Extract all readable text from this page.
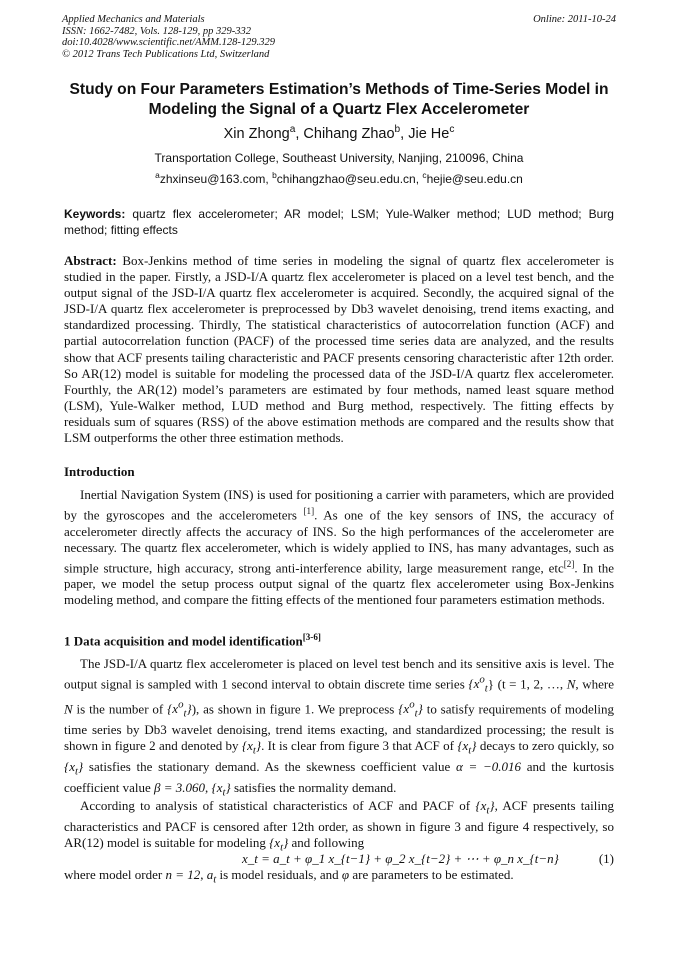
Applied Mechanics and Materials
ISSN: 1662-7482, Vols. 128-129, pp 329-332
doi:10.4028/www.scientific.net/AMM.128-129.329
© 2012 Trans Tech Publications Ltd, Switzerland
Online: 2011-10-24
Study on Four Parameters Estimation’s Methods of Time-Series Model in Modeling the Signal of a Quartz Flex Accelerometer
Xin Zhong$^a$, Chihang Zhao$^b$, Jie He$^c$
Transportation College, Southeast University, Nanjing, 210096, China
$^a$zhxinseu@163.com, $^b$chihangzhao@seu.edu.cn, $^c$hejie@seu.edu.cn
Keywords: quartz flex accelerometer; AR model; LSM; Yule-Walker method; LUD method; Burg method; fitting effects
Abstract: Box-Jenkins method of time series in modeling the signal of quartz flex accelerometer is studied in the paper. Firstly, a JSD-I/A quartz flex accelerometer is placed on a level test bench, and the output signal of the JSD-I/A quartz flex accelerometer is acquired. Secondly, the acquired signal of the JSD-I/A quartz flex accelerometer is preprocessed by Db3 wavelet denoising, trend items exacting, and standardized processing. Thirdly, The statistical characteristics of autocorrelation function (ACF) and partial autocorrelation function (PACF) of the processed time series data are analyzed, and the results show that ACF presents tailing characteristic and PACF presents censoring characteristic after 12th order. So AR(12) model is suitable for modeling the processed data of the JSD-I/A quartz flex accelerometer. Fourthly, the AR(12) model’s parameters are estimated by four methods, named least square method (LSM), Yule-Walker method, LUD method and Burg method, respectively. The fitting effects by residuals sum of squares (RSS) of the above estimation methods are compared and the results show that LSM outperforms the other three estimation methods.
Introduction
Inertial Navigation System (INS) is used for positioning a carrier with parameters, which are provided by the gyroscopes and the accelerometers [1]. As one of the key sensors of INS, the accuracy of accelerometer directly affects the accuracy of INS. So the high performances of the accelerometer are necessary. The quartz flex accelerometer, which is widely applied to INS, has many advantages, such as simple structure, high accuracy, strong anti-interference ability, large measurement range, etc[2]. In the paper, we model the setup process output signal of the quartz flex accelerometer using Box-Jenkins modeling method, and compare the fitting effects of the mentioned four parameters estimation methods.
1 Data acquisition and model identification[3-6]
The JSD-I/A quartz flex accelerometer is placed on level test bench and its sensitive axis is level. The output signal is sampled with 1 second interval to obtain discrete time series $\{x^o_t\} (t = 1$, 2, …, N, where N is the number of $\{x^o_t\}$), as shown in figure 1. We preprocess $\{x^o_t\}$ to satisfy requirements of modeling time series by Db3 wavelet denoising, trend items exacting, and standardized processing; the result is shown in figure 2 and denoted by $\{x_t\}$. It is clear from figure 3 that ACF of $\{x_t\}$ decays to zero quickly, so $\{x_t\}$ satisfies the stationary demand. As the skewness coefficient value α = −0.016 and the kurtosis coefficient value β = 3.060, $\{x_t\}$ satisfies the normality demand.
According to analysis of statistical characteristics of ACF and PACF of $\{x_t\}$, ACF presents tailing characteristics and PACF is censored after 12th order, as shown in figure 3 and figure 4 respectively, so AR(12) model is suitable for modeling $\{x_t\}$ and following
x_t = a_t + φ_1 x_{t−1} + φ_2 x_{t−2} + ⋯ + φ_n x_{t−n}	(1)
where model order n = 12, $a_t$ is model residuals, and φ are parameters to be estimated.
